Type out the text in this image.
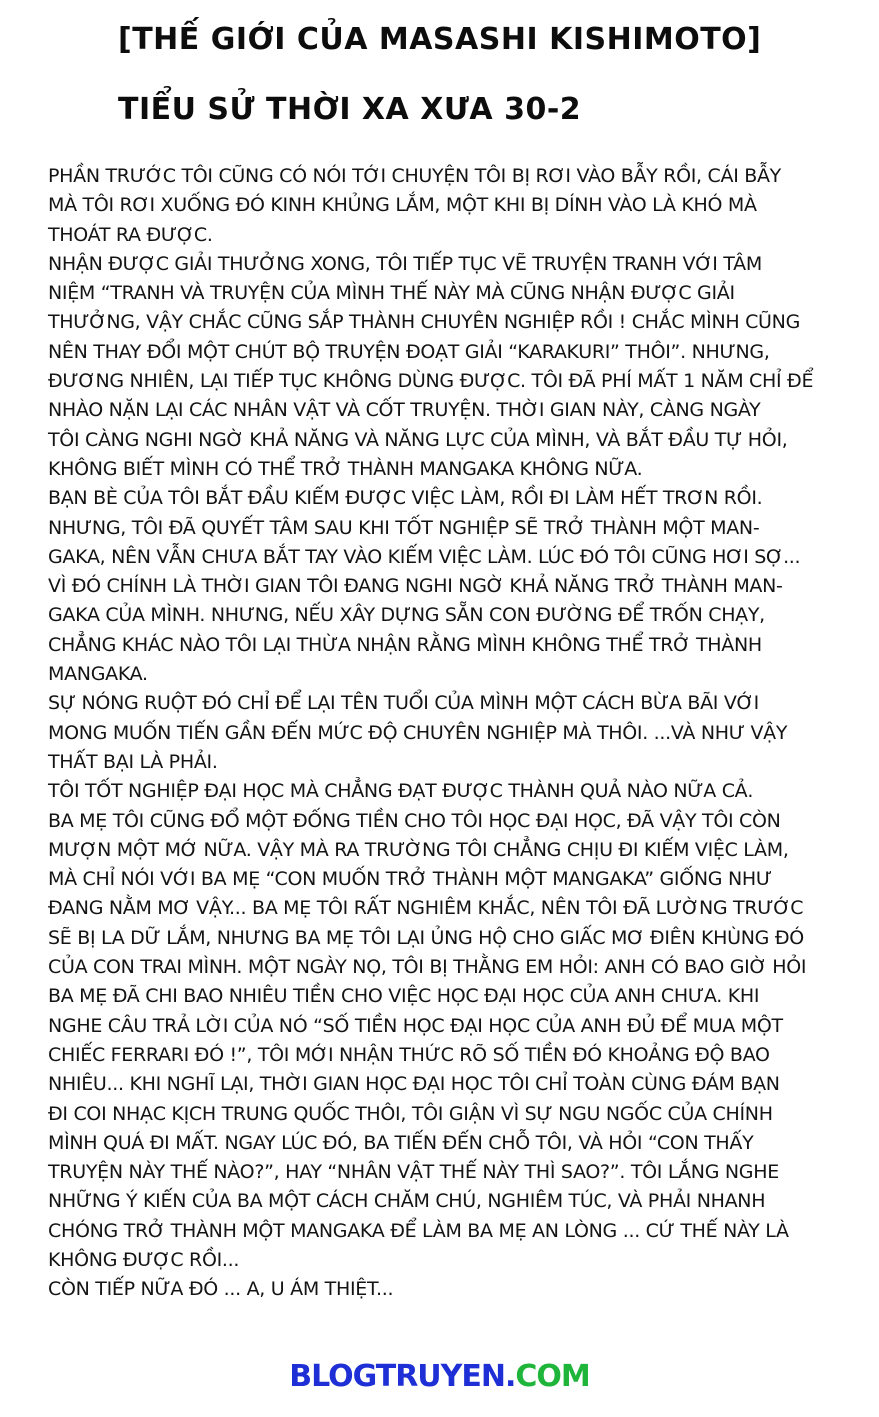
[THẾ GIỚI CỦA MASASHI KISHIMOTO]
TIỂU SỬ THỜI XA XƯA 30-2
PHẦN TRƯỚC TÔI CŨNG CÓ NÓI TỚI CHUYỆN TÔI BỊ RƠI VÀO BẪY RỒI, CÁI BẪY
MÀ TÔI RƠI XUỐNG ĐÓ KINH KHỦNG LẮM, MỘT KHI BỊ DÍNH VÀO LÀ KHÓ MÀ
THOÁT RA ĐƯỢC.
NHẬN ĐƯỢC GIẢI THƯỞNG XONG, TÔI TIẾP TỤC VẼ TRUYỆN TRANH VỚI TÂM
NIỆM “TRANH VÀ TRUYỆN CỦA MÌNH THẾ NÀY MÀ CŨNG NHẬN ĐƯỢC GIẢI
THƯỞNG, VẬY CHẮC CŨNG SẮP THÀNH CHUYÊN NGHIỆP RỒI ! CHẮC MÌNH CŨNG
NÊN THAY ĐỔI MỘT CHÚT BỘ TRUYỆN ĐOẠT GIẢI “KARAKURI” THÔI”. NHƯNG,
ĐƯƠNG NHIÊN, LẠI TIẾP TỤC KHÔNG DÙNG ĐƯỢC. TÔI ĐÃ PHÍ MẤT 1 NĂM CHỈ ĐỂ
NHÀO NẶN LẠI CÁC NHÂN VẬT VÀ CỐT TRUYỆN. THỜI GIAN NÀY, CÀNG NGÀY
TÔI CÀNG NGHI NGỜ KHẢ NĂNG VÀ NĂNG LỰC CỦA MÌNH, VÀ BẮT ĐẦU TỰ HỎI,
KHÔNG BIẾT MÌNH CÓ THỂ TRỞ THÀNH MANGAKA KHÔNG NỮA.
BẠN BÈ CỦA TÔI BẮT ĐẦU KIẾM ĐƯỢC VIỆC LÀM, RỒI ĐI LÀM HẾT TRƠN RỒI.
NHƯNG, TÔI ĐÃ QUYẾT TÂM SAU KHI TỐT NGHIỆP SẼ TRỞ THÀNH MỘT MAN-
GAKA, NÊN VẪN CHƯA BẮT TAY VÀO KIẾM VIỆC LÀM. LÚC ĐÓ TÔI CŨNG HƠI SỢ...
VÌ ĐÓ CHÍNH LÀ THỜI GIAN TÔI ĐANG NGHI NGỜ KHẢ NĂNG TRỞ THÀNH MAN-
GAKA CỦA MÌNH. NHƯNG, NẾU XÂY DỰNG SẴN CON ĐƯỜNG ĐỂ TRỐN CHẠY,
CHẲNG KHÁC NÀO TÔI LẠI THỪA NHẬN RẰNG MÌNH KHÔNG THỂ TRỞ THÀNH
MANGAKA.
SỰ NÓNG RUỘT ĐÓ CHỈ ĐỂ LẠI TÊN TUỔI CỦA MÌNH MỘT CÁCH BỪA BÃI VỚI
MONG MUỐN TIẾN GẦN ĐẾN MỨC ĐỘ CHUYÊN NGHIỆP MÀ THÔI. ...VÀ NHƯ VẬY
THẤT BẠI LÀ PHẢI.
TÔI TỐT NGHIỆP ĐẠI HỌC MÀ CHẲNG ĐẠT ĐƯỢC THÀNH QUẢ NÀO NỮA CẢ.
BA MẸ TÔI CŨNG ĐỔ MỘT ĐỐNG TIỀN CHO TÔI HỌC ĐẠI HỌC, ĐÃ VẬY TÔI CÒN
MƯỢN MỘT MỚ NỮA. VẬY MÀ RA TRƯỜNG TÔI CHẲNG CHỊU ĐI KIẾM VIỆC LÀM,
MÀ CHỈ NÓI VỚI BA MẸ “CON MUỐN TRỞ THÀNH MỘT MANGAKA” GIỐNG NHƯ
ĐANG NẰM MƠ VẬY... BA MẸ TÔI RẤT NGHIÊM KHẮC, NÊN TÔI ĐÃ LƯỜNG TRƯỚC
SẼ BỊ LA DỮ LẮM, NHƯNG BA MẸ TÔI LẠI ỦNG HỘ CHO GIẤC MƠ ĐIÊN KHÙNG ĐÓ
CỦA CON TRAI MÌNH. MỘT NGÀY NỌ, TÔI BỊ THẰNG EM HỎI: ANH CÓ BAO GIỜ HỎI
BA MẸ ĐÃ CHI BAO NHIÊU TIỀN CHO VIỆC HỌC ĐẠI HỌC CỦA ANH CHƯA. KHI
NGHE CÂU TRẢ LỜI CỦA NÓ “SỐ TIỀN HỌC ĐẠI HỌC CỦA ANH ĐỦ ĐỂ MUA MỘT
CHIẾC FERRARI ĐÓ !”, TÔI MỚI NHẬN THỨC RÕ SỐ TIỀN ĐÓ KHOẢNG ĐỘ BAO
NHIÊU... KHI NGHĨ LẠI, THỜI GIAN HỌC ĐẠI HỌC TÔI CHỈ TOÀN CÙNG ĐÁM BẠN
ĐI COI NHẠC KỊCH TRUNG QUỐC THÔI, TÔI GIẬN VÌ SỰ NGU NGỐC CỦA CHÍNH
MÌNH QUÁ ĐI MẤT. NGAY LÚC ĐÓ, BA TIẾN ĐẾN CHỖ TÔI, VÀ HỎI “CON THẤY
TRUYỆN NÀY THẾ NÀO?”, HAY “NHÂN VẬT THẾ NÀY THÌ SAO?”. TÔI LẮNG NGHE
NHỮNG Ý KIẾN CỦA BA MỘT CÁCH CHĂM CHÚ, NGHIÊM TÚC, VÀ PHẢI NHANH
CHÓNG TRỞ THÀNH MỘT MANGAKA ĐỂ LÀM BA MẸ AN LÒNG ... CỨ THẾ NÀY LÀ
KHÔNG ĐƯỢC RỒI...
CÒN TIẾP NỮA ĐÓ ... A, U ÁM THIỆT...
BLOGTRUYEN.COM
